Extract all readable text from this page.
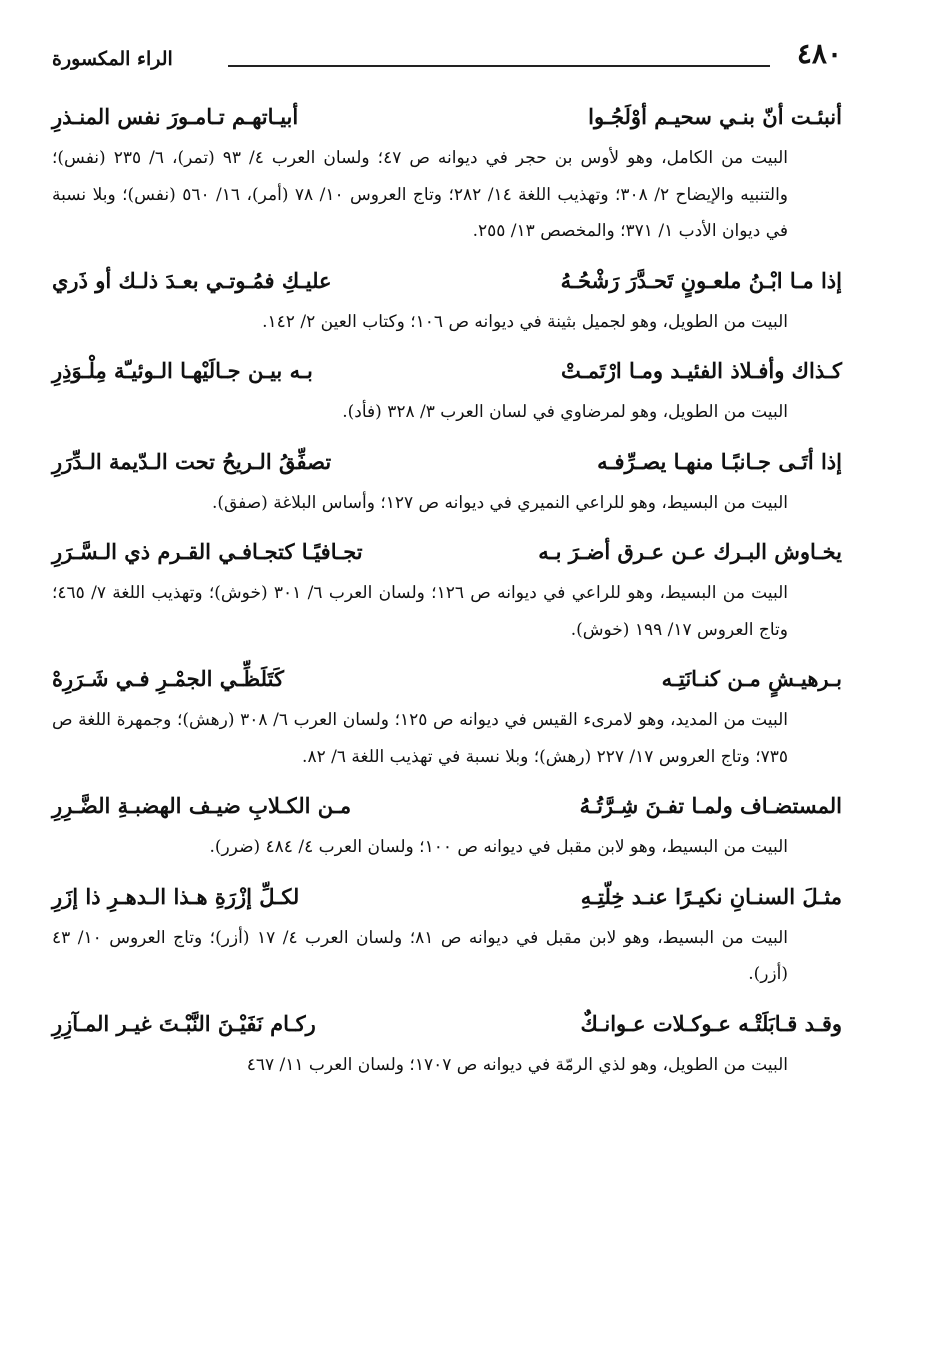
٤٨٠
الراء المكسورة
أنبئـت أنّ بنـي سحيـم أوْلَجُـوا
أبيـاتهـم تـامـورَ نفس المنـذرِ
البيت من الكامل، وهو لأوس بن حجر في ديوانه ص ٤٧؛ ولسان العرب ٤/ ٩٣ (تمر)، ٦/ ٢٣٥ (نفس)؛ والتنبيه والإيضاح ٢/ ٣٠٨؛ وتهذيب اللغة ١٤/ ٢٨٢؛ وتاج العروس ١٠/ ٧٨ (أمر)، ١٦/ ٥٦٠ (نفس)؛ وبلا نسبة في ديوان الأدب ١/ ٣٧١؛ والمخصص ١٣/ ٢٥٥.
إذا مـا ابْـنُ ملعـونٍ تَحـدَّرَ رَشْحُـهُ
عليـكِ فمُـوتـي بعـدَ ذلـك أو ذَري
البيت من الطويل، وهو لجميل بثينة في ديوانه ص ١٠٦؛ وكتاب العين ٢/ ١٤٢.
كـذاك وأفـلاذ الفئيـد ومـا ارْتَمـتْ
بـه بيـن جـالَيْهـا الـوئيـّة مِلْـوَذِرِ
البيت من الطويل، وهو لمرضاوي في لسان العرب ٣/ ٣٢٨ (فأد).
إذا أتَـى جـانبًـا منهـا يصـرِّفـه
تصفِّقُ الـريحُ تحت الـدّيمة الـدِّرَرِ
البيت من البسيط، وهو للراعي النميري في ديوانه ص ١٢٧؛ وأساس البلاغة (صفق).
يخـاوش البـرك عـن عـرق أضـرَ بـه
تجـافيًـا كتجـافـي القـرم ذي الـسَّـرَرِ
البيت من البسيط، وهو للراعي في ديوانه ص ١٢٦؛ ولسان العرب ٦/ ٣٠١ (خوش)؛ وتهذيب اللغة ٧/ ٤٦٥؛ وتاج العروس ١٧/ ١٩٩ (خوش).
بـرهيـشٍ مـن كنـانَتِـه
كَتَلَظِّـي الجمْـرِ فـي شَـرَرِهْ
البيت من المديد، وهو لامرىء القيس في ديوانه ص ١٢٥؛ ولسان العرب ٦/ ٣٠٨ (رهش)؛ وجمهرة اللغة ص ٧٣٥؛ وتاج العروس ١٧/ ٢٢٧ (رهش)؛ وبلا نسبة في تهذيب اللغة ٦/ ٨٢.
المستضـاف ولمـا تفـنَ شِـرَّتُـهُ
مـن الكـلابِ ضيـف الهضبـةِ الضَّـرِرِ
البيت من البسيط، وهو لابن مقبل في ديوانه ص ١٠٠؛ ولسان العرب ٤/ ٤٨٤ (ضرر).
مثـلَ السنـانِ نكيـرًا عنـد خِلّتِـهِ
لكـلِّ إزْرَةِ هـذا الـدهـرِ ذا إزَرِ
البيت من البسيط، وهو لابن مقبل في ديوانه ص ٨١؛ ولسان العرب ٤/ ١٧ (أزر)؛ وتاج العروس ١٠/ ٤٣ (أزر).
وقـد قـابَلَتْـه عـوكـلات عـوانـكٌ
ركـام نَفَيْـنَ النَّبْـتَ غيـر المـآزِرِ
البيت من الطويل، وهو لذي الرمّة في ديوانه ص ١٧٠٧؛ ولسان العرب ١١/ ٤٦٧
